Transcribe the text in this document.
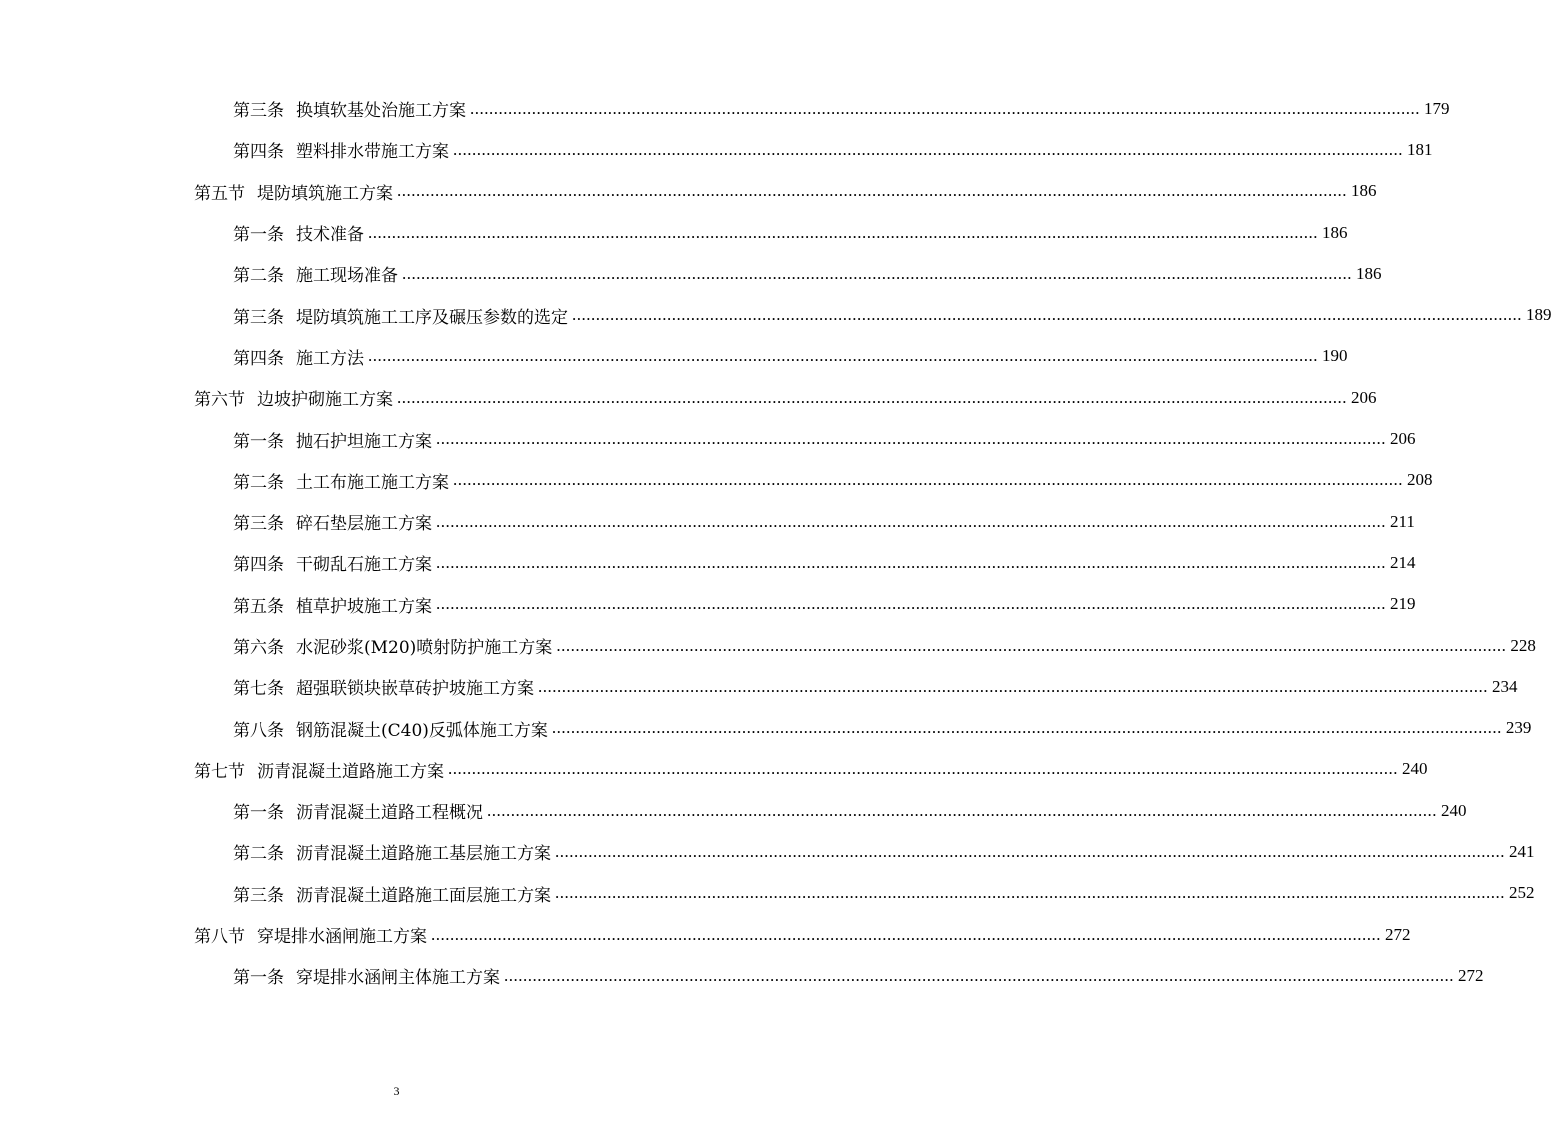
第三条 换填软基处治施工方案 ........................................................................................................................................................................................................ 179
第四条 塑料排水带施工方案 ........................................................................................................................................................................................................ 181
第五节 堤防填筑施工方案 ........................................................................................................................................................................................................ 186
第一条 技术准备 ........................................................................................................................................................................................................ 186
第二条 施工现场准备 ........................................................................................................................................................................................................ 186
第三条 堤防填筑施工工序及碾压参数的选定 ........................................................................................................................................................................................................ 189
第四条 施工方法 ........................................................................................................................................................................................................ 190
第六节 边坡护砌施工方案 ........................................................................................................................................................................................................ 206
第一条 抛石护坦施工方案 ........................................................................................................................................................................................................ 206
第二条 土工布施工施工方案 ........................................................................................................................................................................................................ 208
第三条 碎石垫层施工方案 ........................................................................................................................................................................................................ 211
第四条 干砌乱石施工方案 ........................................................................................................................................................................................................ 214
第五条 植草护坡施工方案 ........................................................................................................................................................................................................ 219
第六条 水泥砂浆(M20)喷射防护施工方案 ........................................................................................................................................................................................................ 228
第七条 超强联锁块嵌草砖护坡施工方案 ........................................................................................................................................................................................................ 234
第八条 钢筋混凝土(C40)反弧体施工方案 ........................................................................................................................................................................................................ 239
第七节 沥青混凝土道路施工方案 ........................................................................................................................................................................................................ 240
第一条 沥青混凝土道路工程概况 ........................................................................................................................................................................................................ 240
第二条 沥青混凝土道路施工基层施工方案 ........................................................................................................................................................................................................ 241
第三条 沥青混凝土道路施工面层施工方案 ........................................................................................................................................................................................................ 252
第八节 穿堤排水涵闸施工方案 ........................................................................................................................................................................................................ 272
第一条 穿堤排水涵闸主体施工方案 ........................................................................................................................................................................................................ 272
3
